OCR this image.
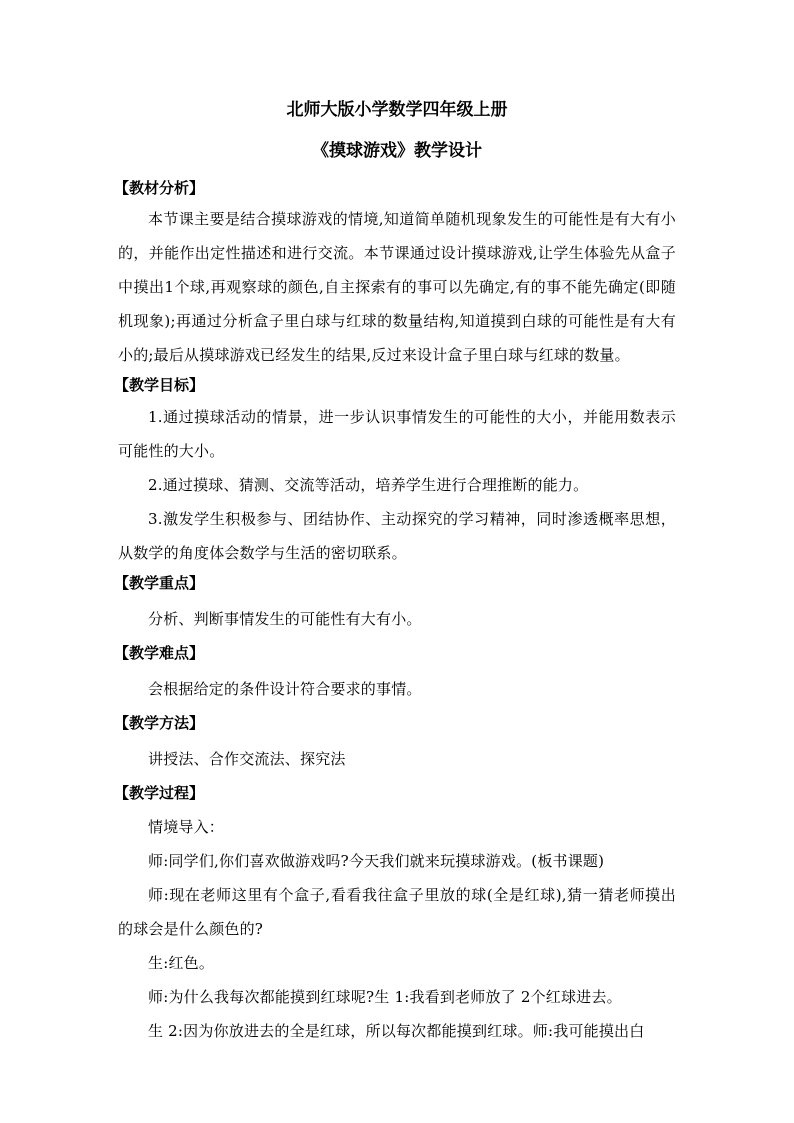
北师大版小学数学四年级上册

《摸球游戏》教学设计

【教材分析】

本节课主要是结合摸球游戏的情境,知道简单随机现象发生的可能性是有大有小的，并能作出定性描述和进行交流。本节课通过设计摸球游戏,让学生体验先从盒子中摸出1个球,再观察球的颜色,自主探索有的事可以先确定,有的事不能先确定(即随机现象);再通过分析盒子里白球与红球的数量结构,知道摸到白球的可能性是有大有小的;最后从摸球游戏已经发生的结果,反过来设计盒子里白球与红球的数量。

【教学目标】

1.通过摸球活动的情景，进一步认识事情发生的可能性的大小，并能用数表示可能性的大小。

2.通过摸球、猜测、交流等活动，培养学生进行合理推断的能力。

3.激发学生积极参与、团结协作、主动探究的学习精神，同时渗透概率思想，从数学的角度体会数学与生活的密切联系。

【教学重点】

分析、判断事情发生的可能性有大有小。

【教学难点】

会根据给定的条件设计符合要求的事情。

【教学方法】

讲授法、合作交流法、探究法

【教学过程】

情境导入：

师:同学们,你们喜欢做游戏吗?今天我们就来玩摸球游戏。(板书课题)

师:现在老师这里有个盒子,看看我往盒子里放的球(全是红球),猜一猜老师摸出的球会是什么颜色的?

生:红色。

师:为什么我每次都能摸到红球呢?生 1:我看到老师放了 2个红球进去。

生 2:因为你放进去的全是红球，所以每次都能摸到红球。师:我可能摸出白
